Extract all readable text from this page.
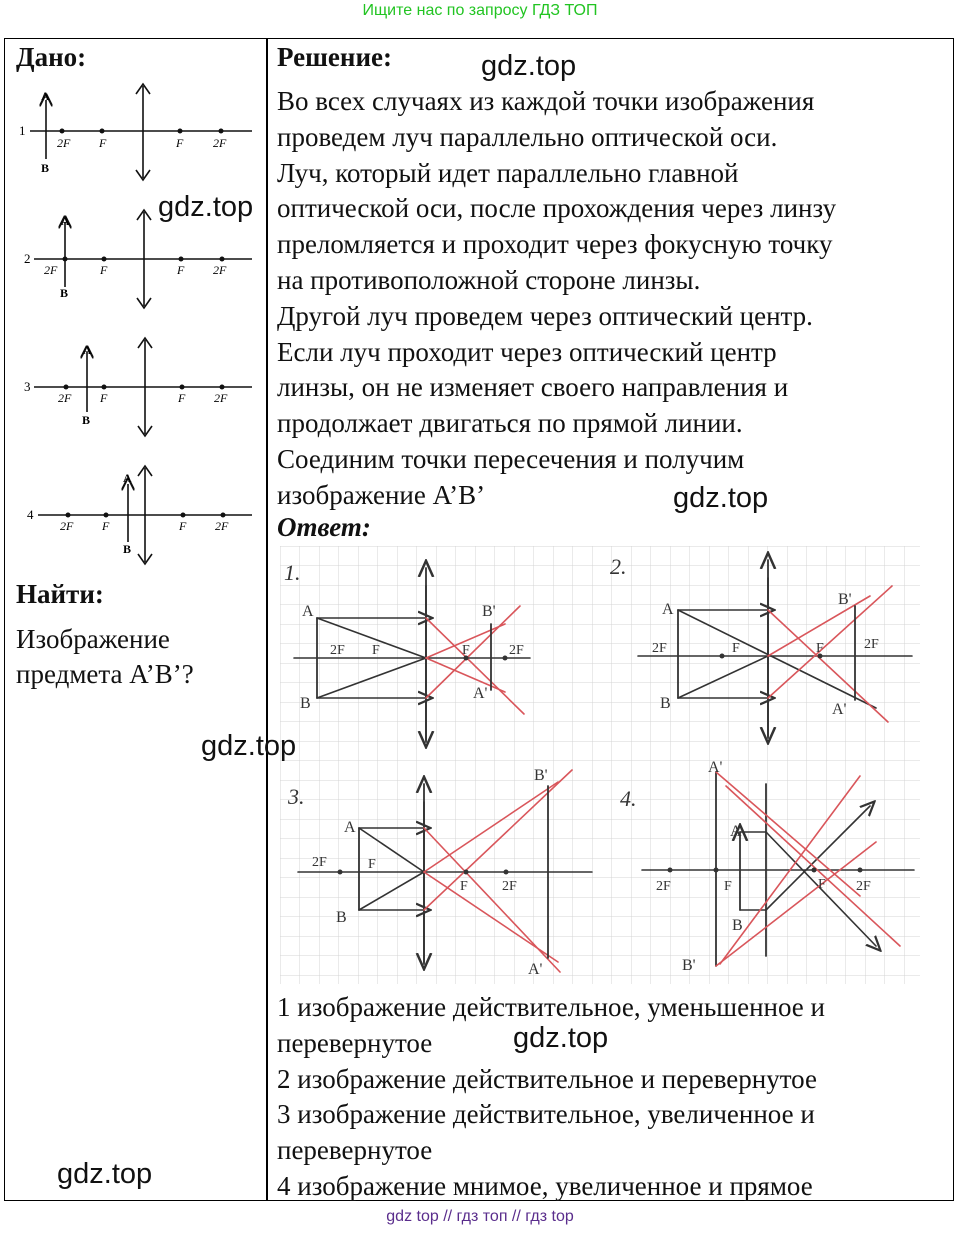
Ищите нас по запросу ГДЗ ТОП
Дано:
1
A
B
2F F	F 2F
2
A
B
2F	F	F 2F
3
A
B
2F F	F 2F
4
A
B
2F F	F 2F
Найти:
Изображение
предмета A’B’?
Решение:
Во всех случаях из каждой точки изображения
проведем луч параллельно оптической оси.
Луч, который идет параллельно главной
оптической оси, после прохождения через линзу
преломляется и проходит через фокусную точку
на противоположной стороне линзы.
Другой луч проведем через оптический центр.
Если луч проходит через оптический центр
линзы, он не изменяет своего направления и
продолжает двигаться по прямой линии.
Соединим точки пересечения и получим
изображение A’B’
Ответ:
1.
A
B
2F F	F	2F
B'
A'
2.
A
B
2F	F	F	2F
B'
A'
3.
A
B
2F	F
F 2F
B'
A'
4.
A
B
A'
B'
2F	F	F 2F
1 изображение действительное, уменьшенное и
перевернутое
2 изображение действительное и перевернутое
3 изображение действительное, увеличенное и
перевернутое
4 изображение мнимое, увеличенное и прямое
gdz.top
gdz.top
gdz.top
gdz.top
gdz.top
gdz.top
gdz top // гдз топ // гдз top
